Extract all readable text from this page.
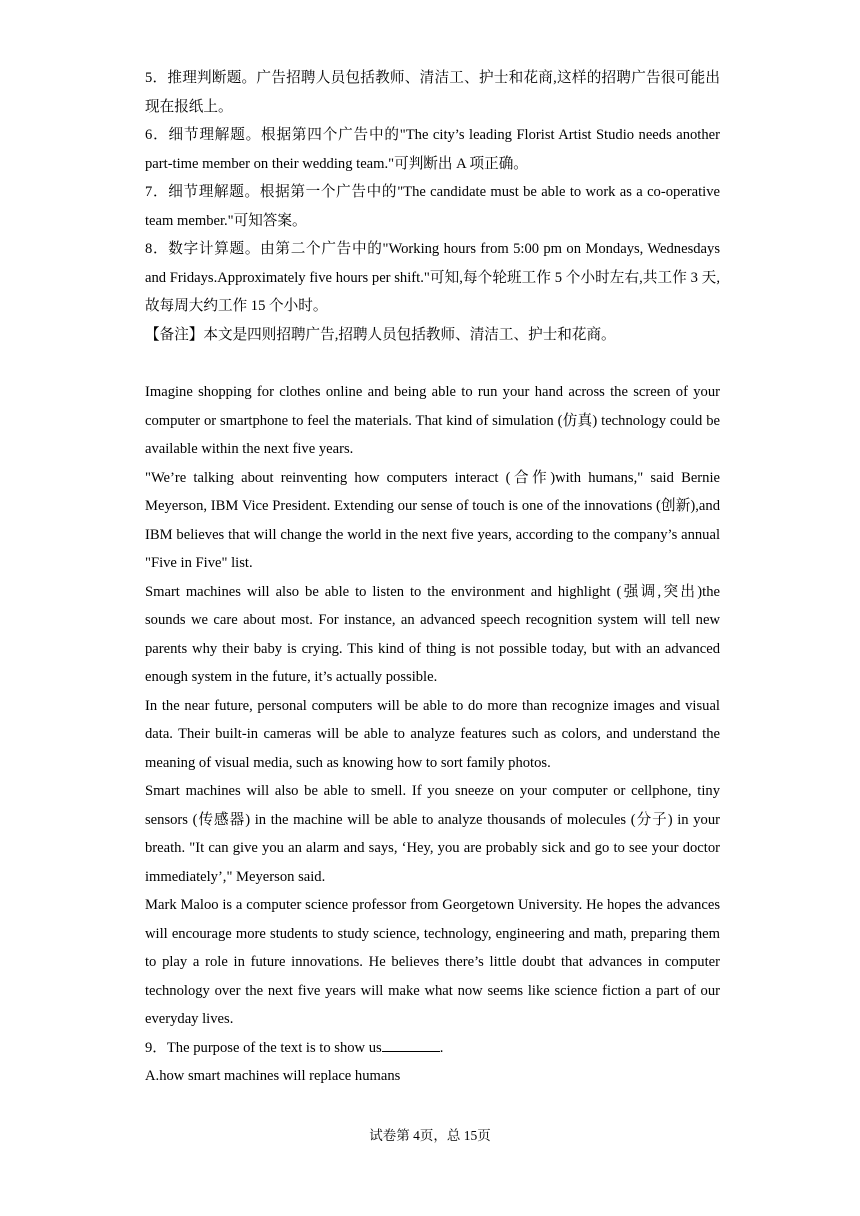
5．推理判断题。广告招聘人员包括教师、清洁工、护士和花商,这样的招聘广告很可能出现在报纸上。

6．细节理解题。根据第四个广告中的"The city’s leading Florist Artist Studio needs another part-time member on their wedding team."可判断出 A 项正确。

7．细节理解题。根据第一个广告中的"The candidate must be able to work as a co-operative team member."可知答案。

8．数字计算题。由第二个广告中的"Working hours from 5:00 pm on Mondays, Wednesdays and Fridays.Approximately five hours per shift."可知,每个轮班工作 5 个小时左右,共工作 3 天,故每周大约工作 15 个小时。

【备注】本文是四则招聘广告,招聘人员包括教师、清洁工、护士和花商。

Imagine shopping for clothes online and being able to run your hand across the screen of your computer or smartphone to feel the materials. That kind of simulation (仿真) technology could be available within the next five years.

"We’re talking about reinventing how computers interact (合作)with humans," said Bernie Meyerson, IBM Vice President. Extending our sense of touch is one of the innovations (创新),and IBM believes that will change the world in the next five years, according to the company’s annual "Five in Five" list.

Smart machines will also be able to listen to the environment and highlight (强调,突出)the sounds we care about most. For instance, an advanced speech recognition system will tell new parents why their baby is crying. This kind of thing is not possible today, but with an advanced enough system in the future, it’s actually possible.

In the near future, personal computers will be able to do more than recognize images and visual data. Their built-in cameras will be able to analyze features such as colors, and understand the meaning of visual media, such as knowing how to sort family photos.

Smart machines will also be able to smell. If you sneeze on your computer or cellphone, tiny sensors (传感器) in the machine will be able to analyze thousands of molecules (分子) in your breath. "It can give you an alarm and says, ‘Hey, you are probably sick and go to see your doctor immediately’," Meyerson said.

Mark Maloo is a computer science professor from Georgetown University. He hopes the advances will encourage more students to study science, technology, engineering and math, preparing them to play a role in future innovations. He believes there’s little doubt that advances in computer technology over the next five years will make what now seems like science fiction a part of our everyday lives.

9．The purpose of the text is to show us	.

A.how smart machines will replace humans

试卷第 4页，总 15页
